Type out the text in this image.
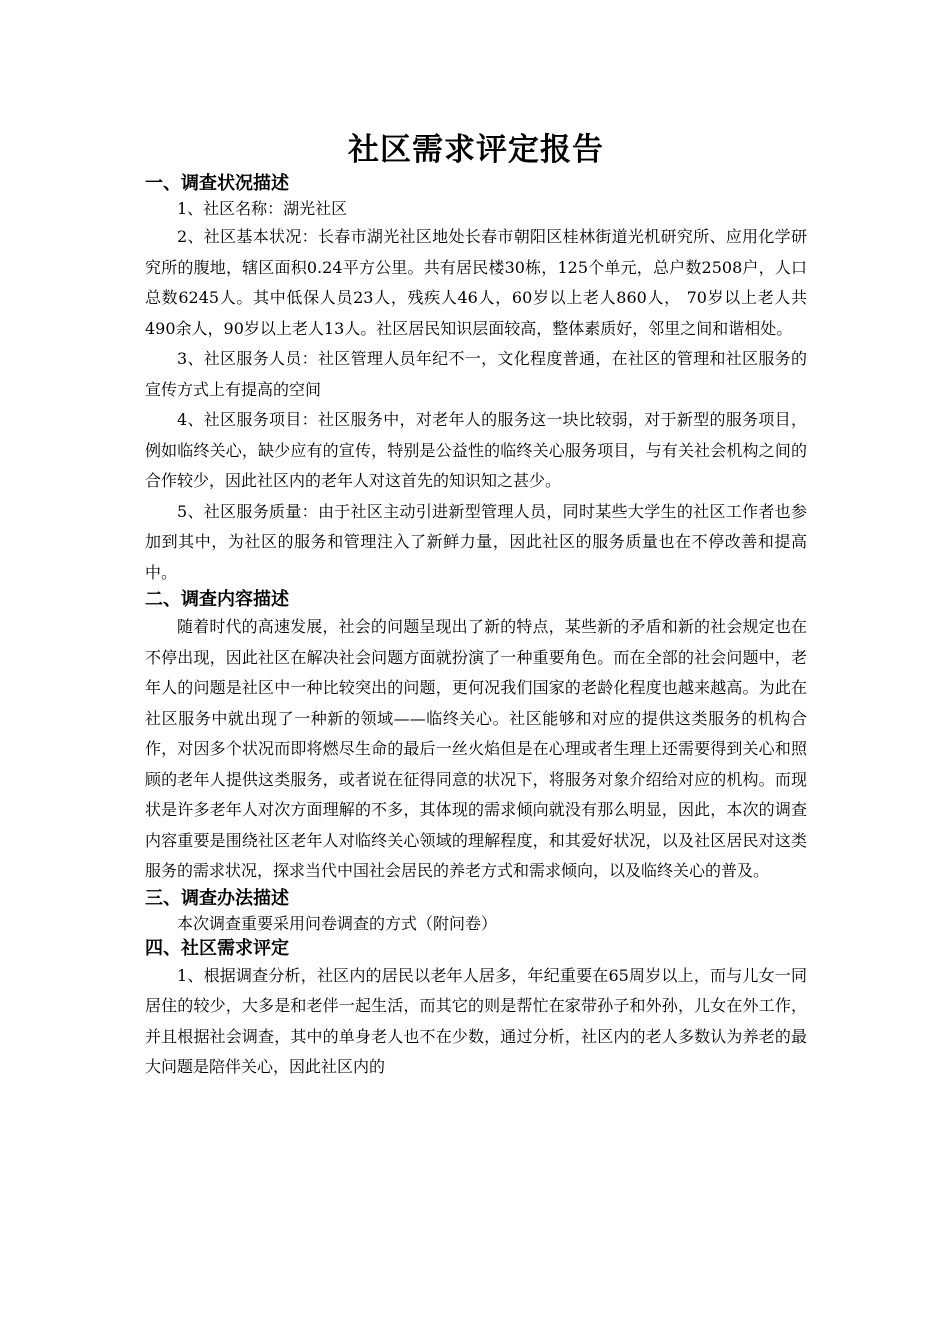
社区需求评定报告
一、调查状况描述

1、社区名称：湖光社区

2、社区基本状况：长春市湖光社区地处长春市朝阳区桂林街道光机研究所、应用化学研究所的腹地，辖区面积0.24平方公里。共有居民楼30栋，125个单元，总户数2508户，人口总数6245人。其中低保人员23人，残疾人46人，60岁以上老人860人， 70岁以上老人共490余人，90岁以上老人13人。社区居民知识层面较高，整体素质好，邻里之间和谐相处。

3、社区服务人员：社区管理人员年纪不一，文化程度普通，在社区的管理和社区服务的宣传方式上有提高的空间

4、社区服务项目：社区服务中，对老年人的服务这一块比较弱，对于新型的服务项目，例如临终关心，缺少应有的宣传，特别是公益性的临终关心服务项目，与有关社会机构之间的合作较少，因此社区内的老年人对这首先的知识知之甚少。

5、社区服务质量：由于社区主动引进新型管理人员，同时某些大学生的社区工作者也参加到其中，为社区的服务和管理注入了新鲜力量，因此社区的服务质量也在不停改善和提高中。

二、调查内容描述

随着时代的高速发展，社会的问题呈现出了新的特点，某些新的矛盾和新的社会规定也在不停出现，因此社区在解决社会问题方面就扮演了一种重要角色。而在全部的社会问题中，老年人的问题是社区中一种比较突出的问题，更何况我们国家的老龄化程度也越来越高。为此在社区服务中就出现了一种新的领域——临终关心。社区能够和对应的提供这类服务的机构合作，对因多个状况而即将燃尽生命的最后一丝火焰但是在心理或者生理上还需要得到关心和照顾的老年人提供这类服务，或者说在征得同意的状况下，将服务对象介绍给对应的机构。而现状是许多老年人对次方面理解的不多，其体现的需求倾向就没有那么明显，因此，本次的调查内容重要是围绕社区老年人对临终关心领域的理解程度，和其爱好状况，以及社区居民对这类服务的需求状况，探求当代中国社会居民的养老方式和需求倾向，以及临终关心的普及。

三、调查办法描述

本次调查重要采用问卷调查的方式（附问卷）

四、社区需求评定

1、根据调查分析，社区内的居民以老年人居多，年纪重要在65周岁以上，而与儿女一同居住的较少，大多是和老伴一起生活，而其它的则是帮忙在家带孙子和外孙，儿女在外工作，并且根据社会调查，其中的单身老人也不在少数，通过分析，社区内的老人多数认为养老的最大问题是陪伴关心，因此社区内的
